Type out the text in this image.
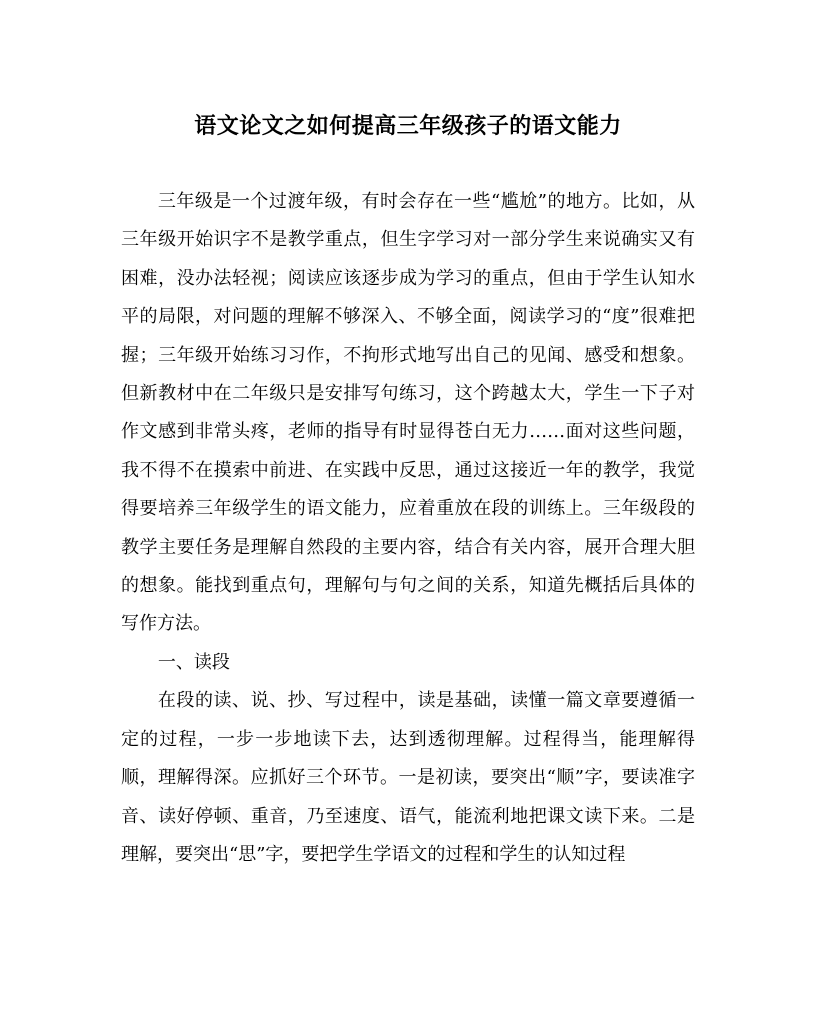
语文论文之如何提高三年级孩子的语文能力

三年级是一个过渡年级，有时会存在一些“尴尬”的地方。比如，从三年级开始识字不是教学重点，但生字学习对一部分学生来说确实又有困难，没办法轻视；阅读应该逐步成为学习的重点，但由于学生认知水平的局限，对问题的理解不够深入、不够全面，阅读学习的“度”很难把握；三年级开始练习习作，不拘形式地写出自己的见闻、感受和想象。但新教材中在二年级只是安排写句练习，这个跨越太大，学生一下子对作文感到非常头疼，老师的指导有时显得苍白无力……面对这些问题，我不得不在摸索中前进、在实践中反思，通过这接近一年的教学，我觉得要培养三年级学生的语文能力，应着重放在段的训练上。三年级段的教学主要任务是理解自然段的主要内容，结合有关内容，展开合理大胆的想象。能找到重点句，理解句与句之间的关系，知道先概括后具体的写作方法。

一、读段

在段的读、说、抄、写过程中，读是基础，读懂一篇文章要遵循一定的过程，一步一步地读下去，达到透彻理解。过程得当，能理解得顺，理解得深。应抓好三个环节。一是初读，要突出“顺”字，要读准字音、读好停顿、重音，乃至速度、语气，能流利地把课文读下来。二是理解，要突出“思”字，要把学生学语文的过程和学生的认知过程
